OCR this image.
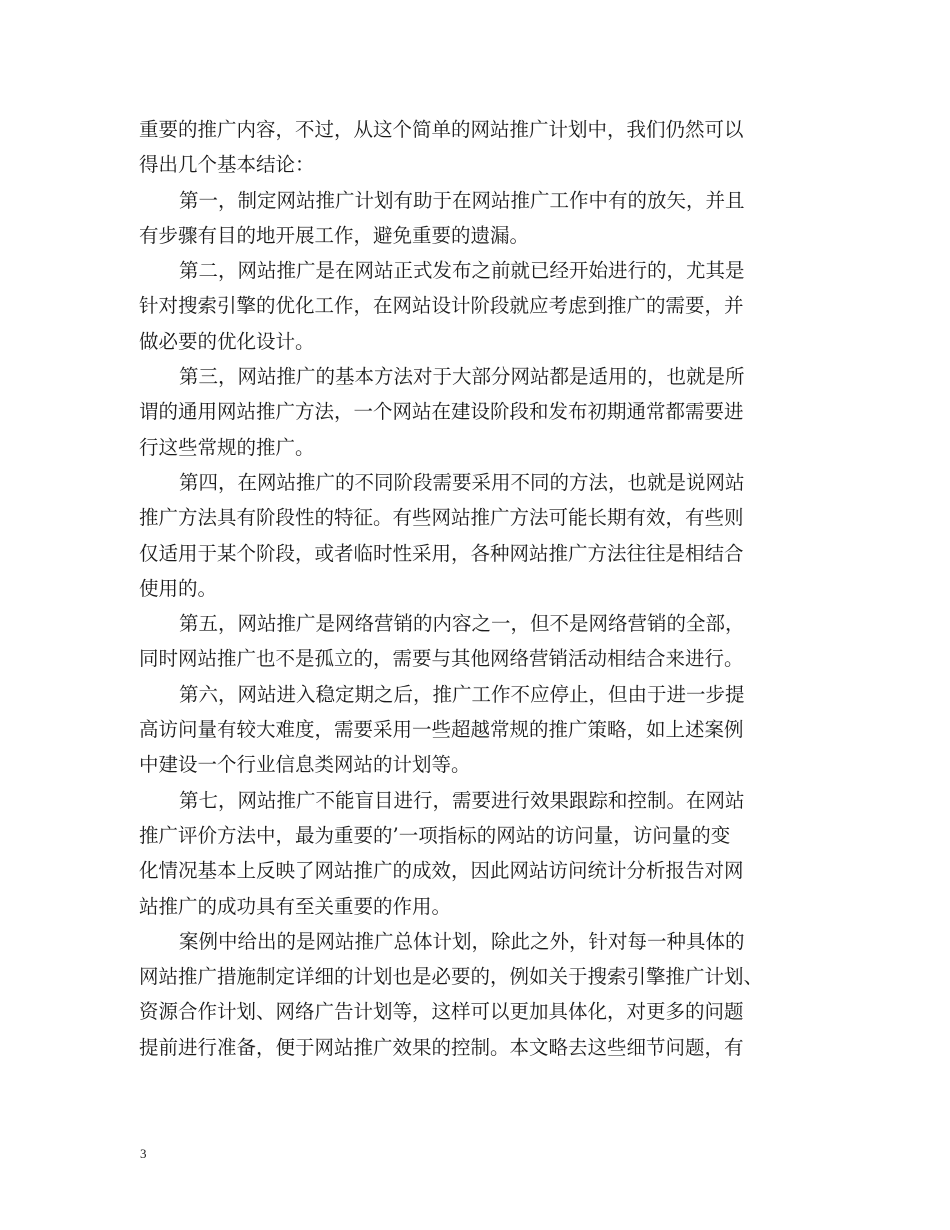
重要的推广内容，不过，从这个简单的网站推广计划中，我们仍然可以
得出几个基本结论：
第一，制定网站推广计划有助于在网站推广工作中有的放矢，并且
有步骤有目的地开展工作，避免重要的遗漏。
第二，网站推广是在网站正式发布之前就已经开始进行的，尤其是
针对搜索引擎的优化工作，在网站设计阶段就应考虑到推广的需要，并
做必要的优化设计。
第三，网站推广的基本方法对于大部分网站都是适用的，也就是所
谓的通用网站推广方法，一个网站在建设阶段和发布初期通常都需要进
行这些常规的推广。
第四，在网站推广的不同阶段需要采用不同的方法，也就是说网站
推广方法具有阶段性的特征。有些网站推广方法可能长期有效，有些则
仅适用于某个阶段，或者临时性采用，各种网站推广方法往往是相结合
使用的。
第五，网站推广是网络营销的内容之一，但不是网络营销的全部，
同时网站推广也不是孤立的，需要与其他网络营销活动相结合来进行。
第六，网站进入稳定期之后，推广工作不应停止，但由于进一步提
高访问量有较大难度，需要采用一些超越常规的推广策略，如上述案例
中建设一个行业信息类网站的计划等。
第七，网站推广不能盲目进行，需要进行效果跟踪和控制。在网站
推广评价方法中，最为重要的’一项指标的网站的访问量，访问量的变
化情况基本上反映了网站推广的成效，因此网站访问统计分析报告对网
站推广的成功具有至关重要的作用。
案例中给出的是网站推广总体计划，除此之外，针对每一种具体的
网站推广措施制定详细的计划也是必要的，例如关于搜索引擎推广计划、
资源合作计划、网络广告计划等，这样可以更加具体化，对更多的问题
提前进行准备，便于网站推广效果的控制。本文略去这些细节问题，有
3
